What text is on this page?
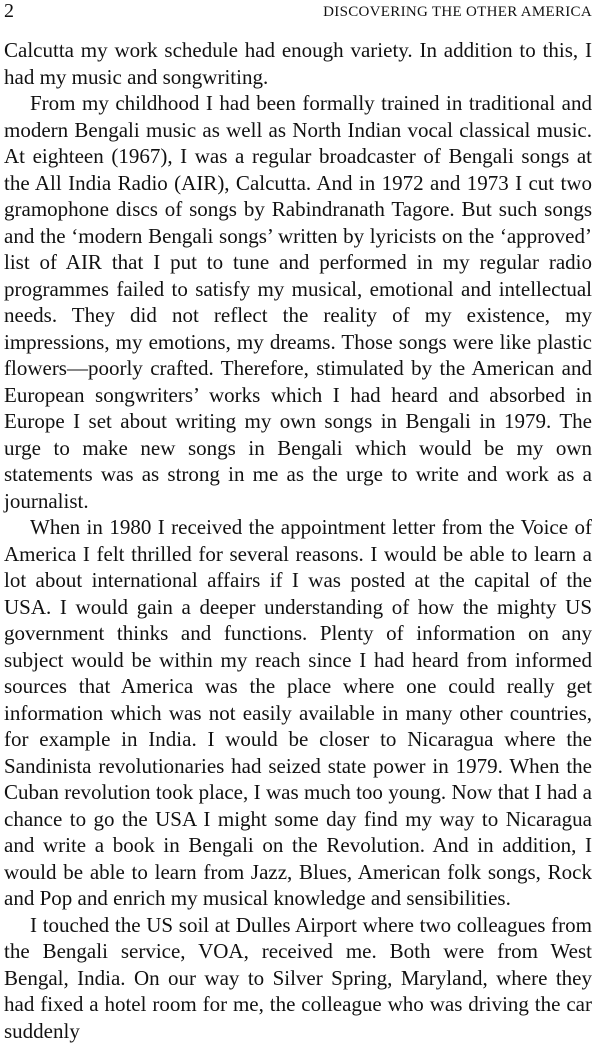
2	DISCOVERING THE OTHER AMERICA

Calcutta my work schedule had enough variety. In addition to this, I had my music and songwriting.

From my childhood I had been formally trained in traditional and modern Bengali music as well as North Indian vocal classical music. At eighteen (1967), I was a regular broadcaster of Bengali songs at the All India Radio (AIR), Calcutta. And in 1972 and 1973 I cut two gramophone discs of songs by Rabindranath Tagore. But such songs and the ‘modern Bengali songs’ written by lyricists on the ‘approved’ list of AIR that I put to tune and performed in my regular radio programmes failed to satisfy my musical, emotional and intellectual needs. They did not reflect the reality of my existence, my impressions, my emotions, my dreams. Those songs were like plastic flowers—poorly crafted. Therefore, stimulated by the American and European songwriters’ works which I had heard and absorbed in Europe I set about writing my own songs in Bengali in 1979. The urge to make new songs in Bengali which would be my own statements was as strong in me as the urge to write and work as a journalist.

When in 1980 I received the appointment letter from the Voice of America I felt thrilled for several reasons. I would be able to learn a lot about international affairs if I was posted at the capital of the USA. I would gain a deeper understanding of how the mighty US government thinks and functions. Plenty of information on any subject would be within my reach since I had heard from informed sources that America was the place where one could really get information which was not easily available in many other countries, for example in India. I would be closer to Nicaragua where the Sandinista revolutionaries had seized state power in 1979. When the Cuban revolution took place, I was much too young. Now that I had a chance to go the USA I might some day find my way to Nicaragua and write a book in Bengali on the Revolution. And in addition, I would be able to learn from Jazz, Blues, American folk songs, Rock and Pop and enrich my musical knowledge and sensibilities.

I touched the US soil at Dulles Airport where two colleagues from the Bengali service, VOA, received me. Both were from West Bengal, India. On our way to Silver Spring, Maryland, where they had fixed a hotel room for me, the colleague who was driving the car suddenly
